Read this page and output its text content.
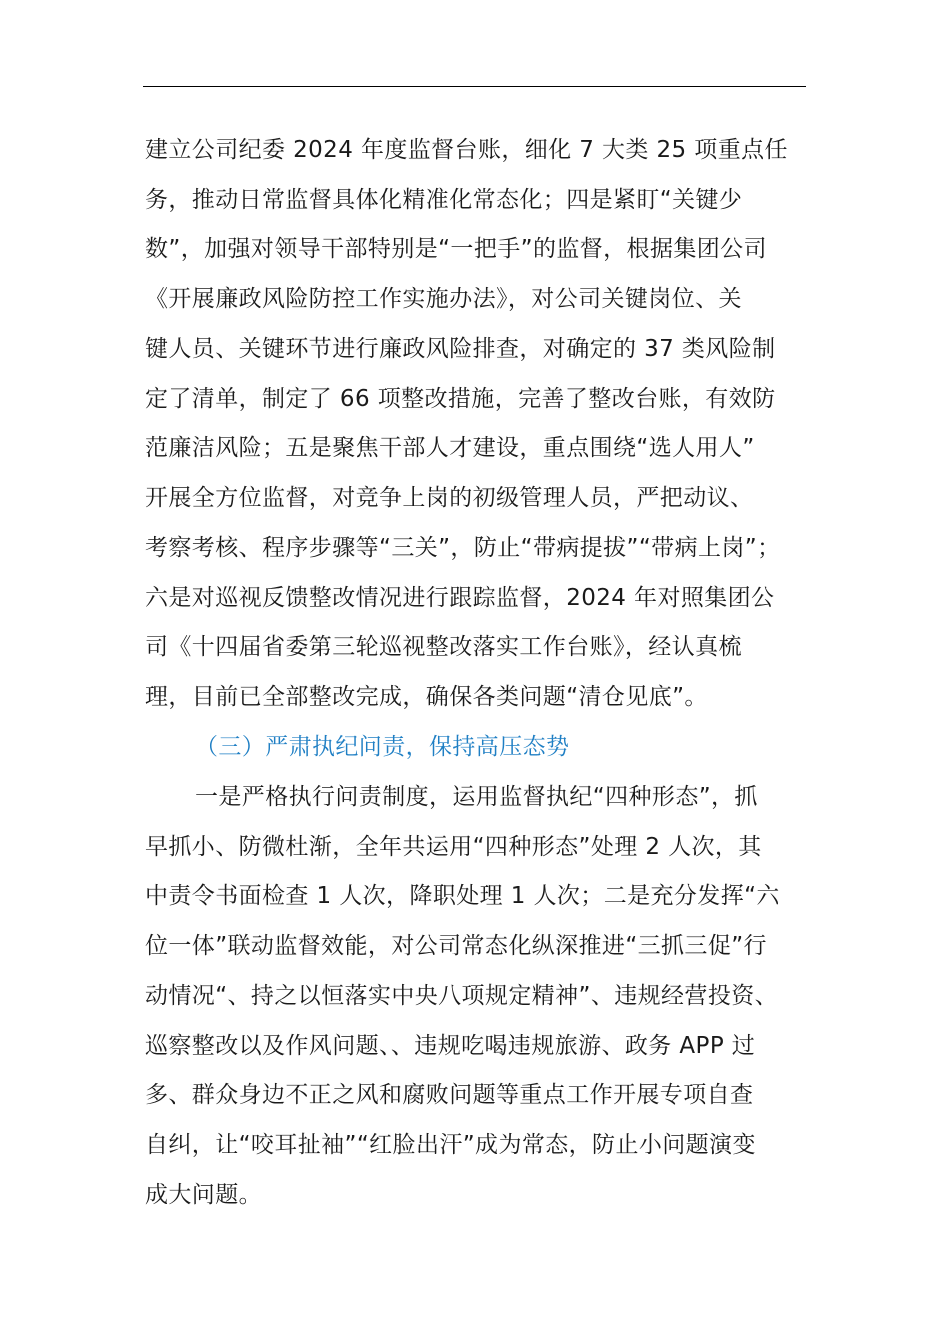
建立公司纪委 2024 年度监督台账，细化 7 大类 25 项重点任
务，推动日常监督具体化精准化常态化；四是紧盯“关键少
数”，加强对领导干部特别是“一把手”的监督，根据集团公司
《开展廉政风险防控工作实施办法》，对公司关键岗位、关
键人员、关键环节进行廉政风险排查，对确定的 37 类风险制
定了清单，制定了 66 项整改措施，完善了整改台账，有效防
范廉洁风险；五是聚焦干部人才建设，重点围绕“选人用人”
开展全方位监督，对竞争上岗的初级管理人员，严把动议、
考察考核、程序步骤等“三关”，防止“带病提拔”“带病上岗”；
六是对巡视反馈整改情况进行跟踪监督，2024 年对照集团公
司《十四届省委第三轮巡视整改落实工作台账》，经认真梳
理，目前已全部整改完成，确保各类问题“清仓见底”。
（三）严肃执纪问责，保持高压态势
一是严格执行问责制度，运用监督执纪“四种形态”，抓
早抓小、防微杜渐，全年共运用“四种形态”处理 2 人次，其
中责令书面检查 1 人次，降职处理 1 人次；二是充分发挥“六
位一体”联动监督效能，对公司常态化纵深推进“三抓三促”行
动情况“、持之以恒落实中央八项规定精神”、违规经营投资、
巡察整改以及作风问题、、违规吃喝违规旅游、政务 APP 过
多、群众身边不正之风和腐败问题等重点工作开展专项自查
自纠，让“咬耳扯袖”“红脸出汗”成为常态，防止小问题演变
成大问题。
